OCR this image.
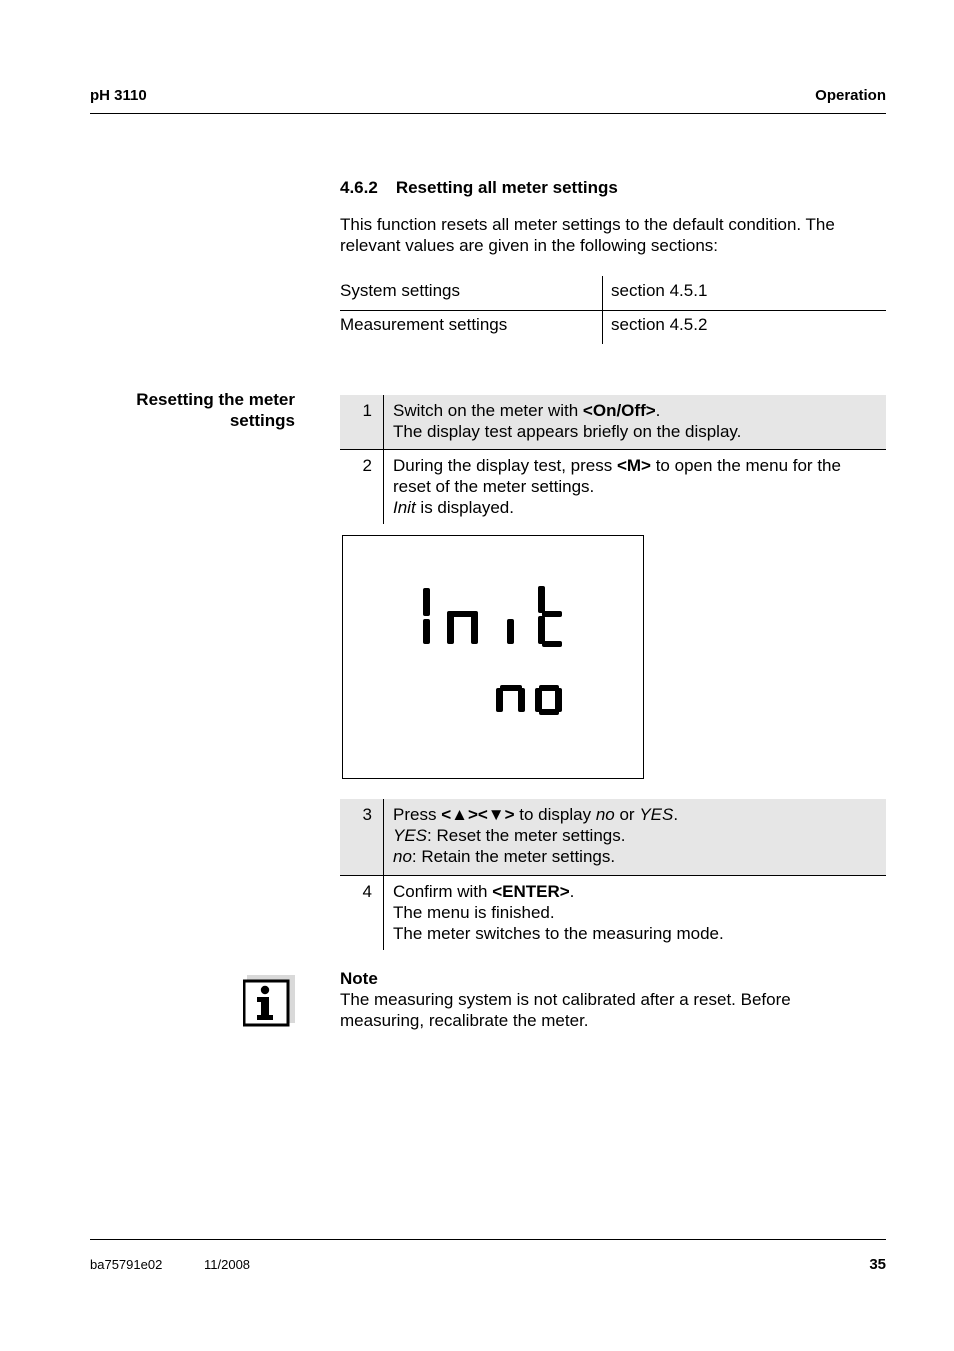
pH 3110	Operation
4.6.2 Resetting all meter settings
This function resets all meter settings to the default condition. The
relevant values are given in the following sections:
System settings	section 4.5.1
Measurement settings	section 4.5.2
Resetting the meter
settings
1 Switch on the meter with <On/Off>.
The display test appears briefly on the display.
2 During the display test, press <M> to open the menu for the
reset of the meter settings.
Init is displayed.
3 Press <▲><▼> to display no or YES.
YES: Reset the meter settings.
no: Retain the meter settings.
4 Confirm with <ENTER>.
The menu is finished.
The meter switches to the measuring mode.
Note
The measuring system is not calibrated after a reset. Before
measuring, recalibrate the meter.
ba75791e02	11/2008	35
